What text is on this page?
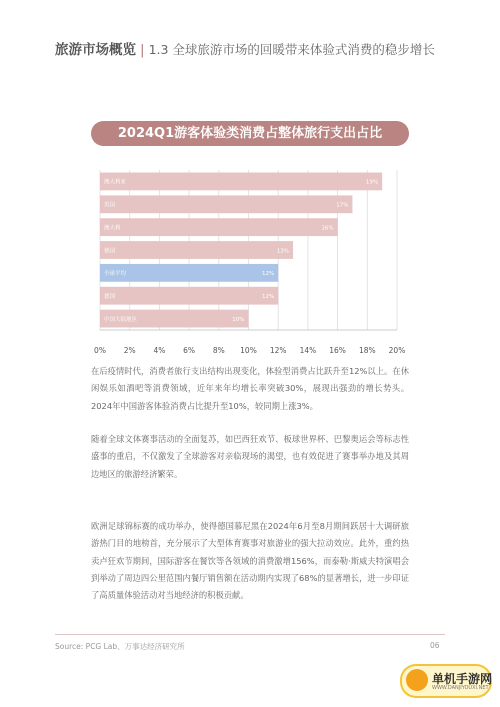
旅游市场概览 | 1.3 全球旅游市场的回暖带来体验式消费的稳步增长
2024Q1游客体验类消费占整体旅行支出占比
0% 2% 4% 6% 8% 10% 12% 14% 16% 18% 20%
澳大利亚	19%
英国	17%
澳大利	16%
德国	13%
全球平均	12%
德国	12%
中国大陆地区	10%

在后疫情时代，消费者旅行支出结构出现变化，体验型消费占比跃升至12%以上。在休闲娱乐如酒吧等消费领域，近年来年均增长率突破30%，展现出强劲的增长势头。2024年中国游客体验消费占比提升至10%，较同期上涨3%。

随着全球文体赛事活动的全面复苏，如巴西狂欢节、板球世界杯、巴黎奥运会等标志性盛事的重启，不仅激发了全球游客对亲临现场的渴望，也有效促进了赛事举办地及其周边地区的旅游经济繁荣。

欧洲足球锦标赛的成功举办，使得德国慕尼黑在2024年6月至8月期间跃居十大调研旅游热门目的地榜首，充分展示了大型体育赛事对旅游业的强大拉动效应。此外，重约热卖卢狂欢节期间，国际游客在餐饮等各领域的消费激增156%，而泰勒·斯威夫特演唱会到举动了周边四公里范围内餐厅销售额在活动期内实现了68%的显著增长，进一步印证了高质量体验活动对当地经济的积极贡献。

Source: PCG Lab、万事达经济研究所	06
单机手游网
WWW.DANJIYOUXI.NET
